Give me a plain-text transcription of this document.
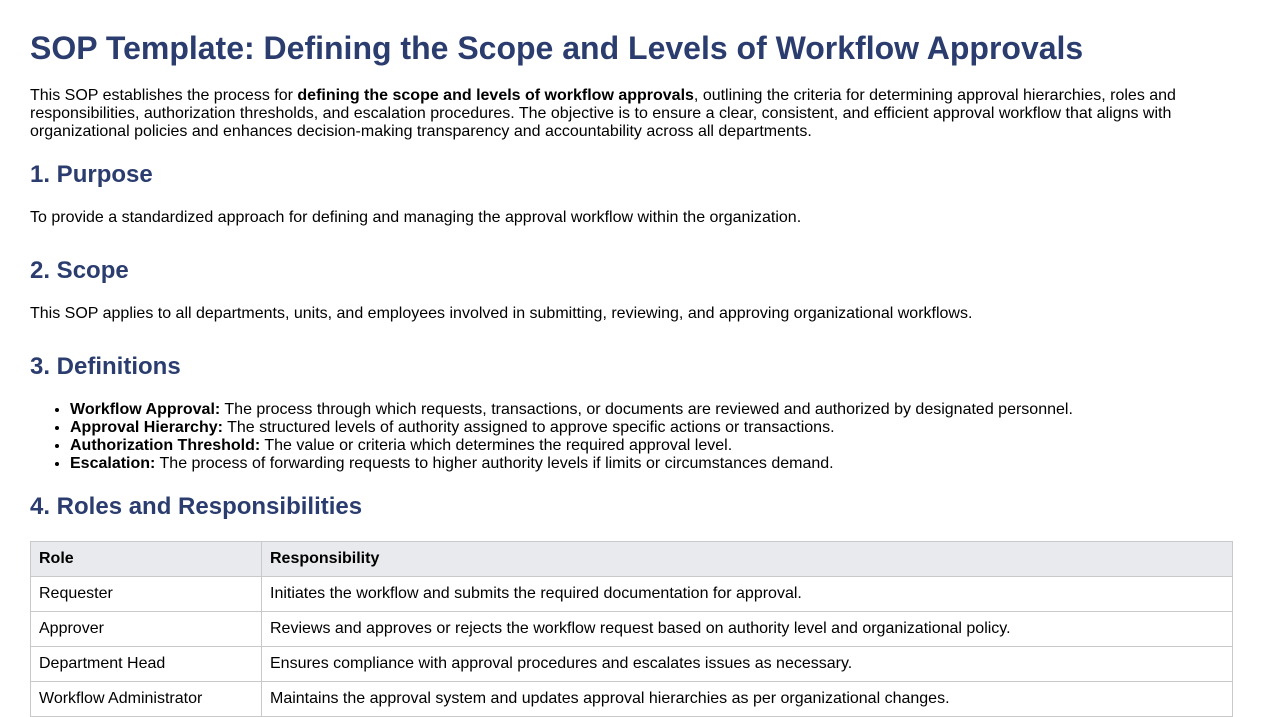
SOP Template: Defining the Scope and Levels of Workflow Approvals

This SOP establishes the process for defining the scope and levels of workflow approvals, outlining the criteria for determining approval hierarchies, roles and responsibilities, authorization thresholds, and escalation procedures. The objective is to ensure a clear, consistent, and efficient approval workflow that aligns with organizational policies and enhances decision-making transparency and accountability across all departments.

1. Purpose

To provide a standardized approach for defining and managing the approval workflow within the organization.

2. Scope

This SOP applies to all departments, units, and employees involved in submitting, reviewing, and approving organizational workflows.

3. Definitions
• Workflow Approval: The process through which requests, transactions, or documents are reviewed and authorized by designated personnel.
• Approval Hierarchy: The structured levels of authority assigned to approve specific actions or transactions.
• Authorization Threshold: The value or criteria which determines the required approval level.
• Escalation: The process of forwarding requests to higher authority levels if limits or circumstances demand.
4. Roles and Responsibilities
Role	Responsibility
Requester	Initiates the workflow and submits the required documentation for approval.
Approver	Reviews and approves or rejects the workflow request based on authority level and organizational policy.
Department Head	Ensures compliance with approval procedures and escalates issues as necessary.
Workflow Administrator	Maintains the approval system and updates approval hierarchies as per organizational changes.
